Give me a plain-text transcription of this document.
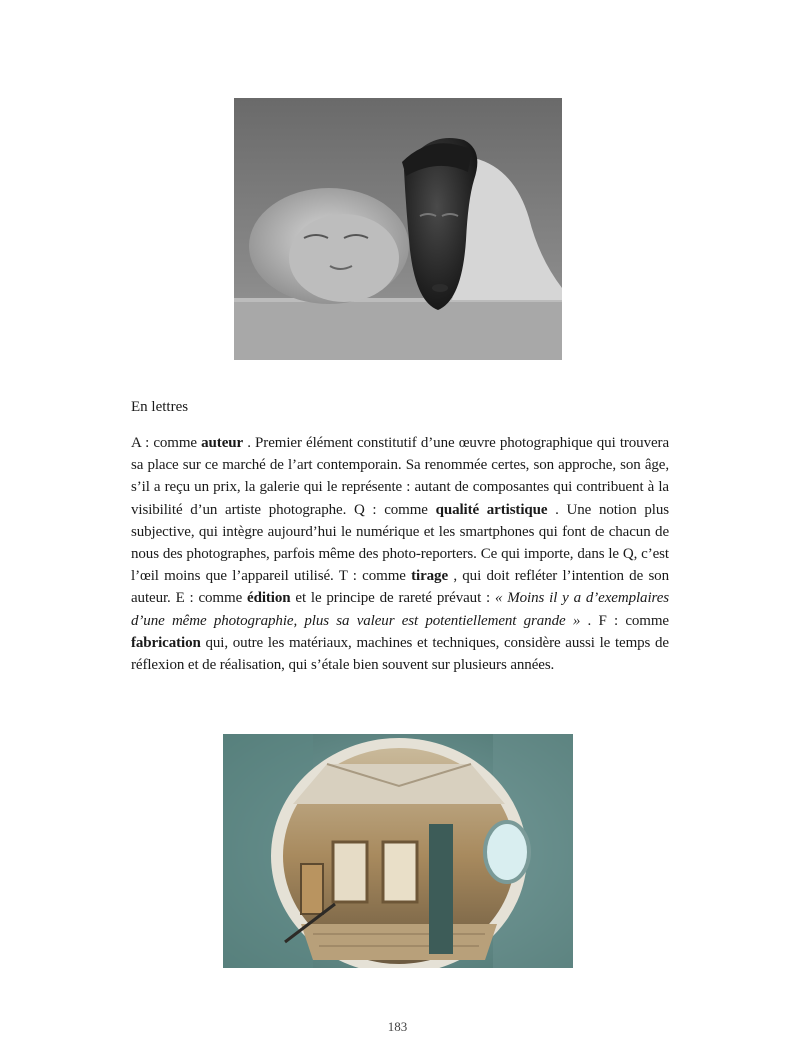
En lettres
A : comme auteur . Premier élément constitutif d’une œuvre photographique qui trouvera sa place sur ce marché de l’art contemporain. Sa renommée certes, son approche, son âge, s’il a reçu un prix, la galerie qui le représente : autant de composantes qui contribuent à la visibilité d’un artiste photographe. Q : comme qualité artistique . Une notion plus subjective, qui intègre aujourd’hui le numérique et les smartphones qui font de chacun de nous des photographes, parfois même des photo-reporters. Ce qui importe, dans le Q, c’est l’œil moins que l’appareil utilisé. T : comme tirage , qui doit refléter l’intention de son auteur. E : comme édition et le principe de rareté prévaut : « Moins il y a d’exemplaires d’une même photographie, plus sa valeur est potentiellement grande » . F : comme fabrication qui, outre les matériaux, machines et techniques, considère aussi le temps de réflexion et de réalisation, qui s’étale bien souvent sur plusieurs années.
183
